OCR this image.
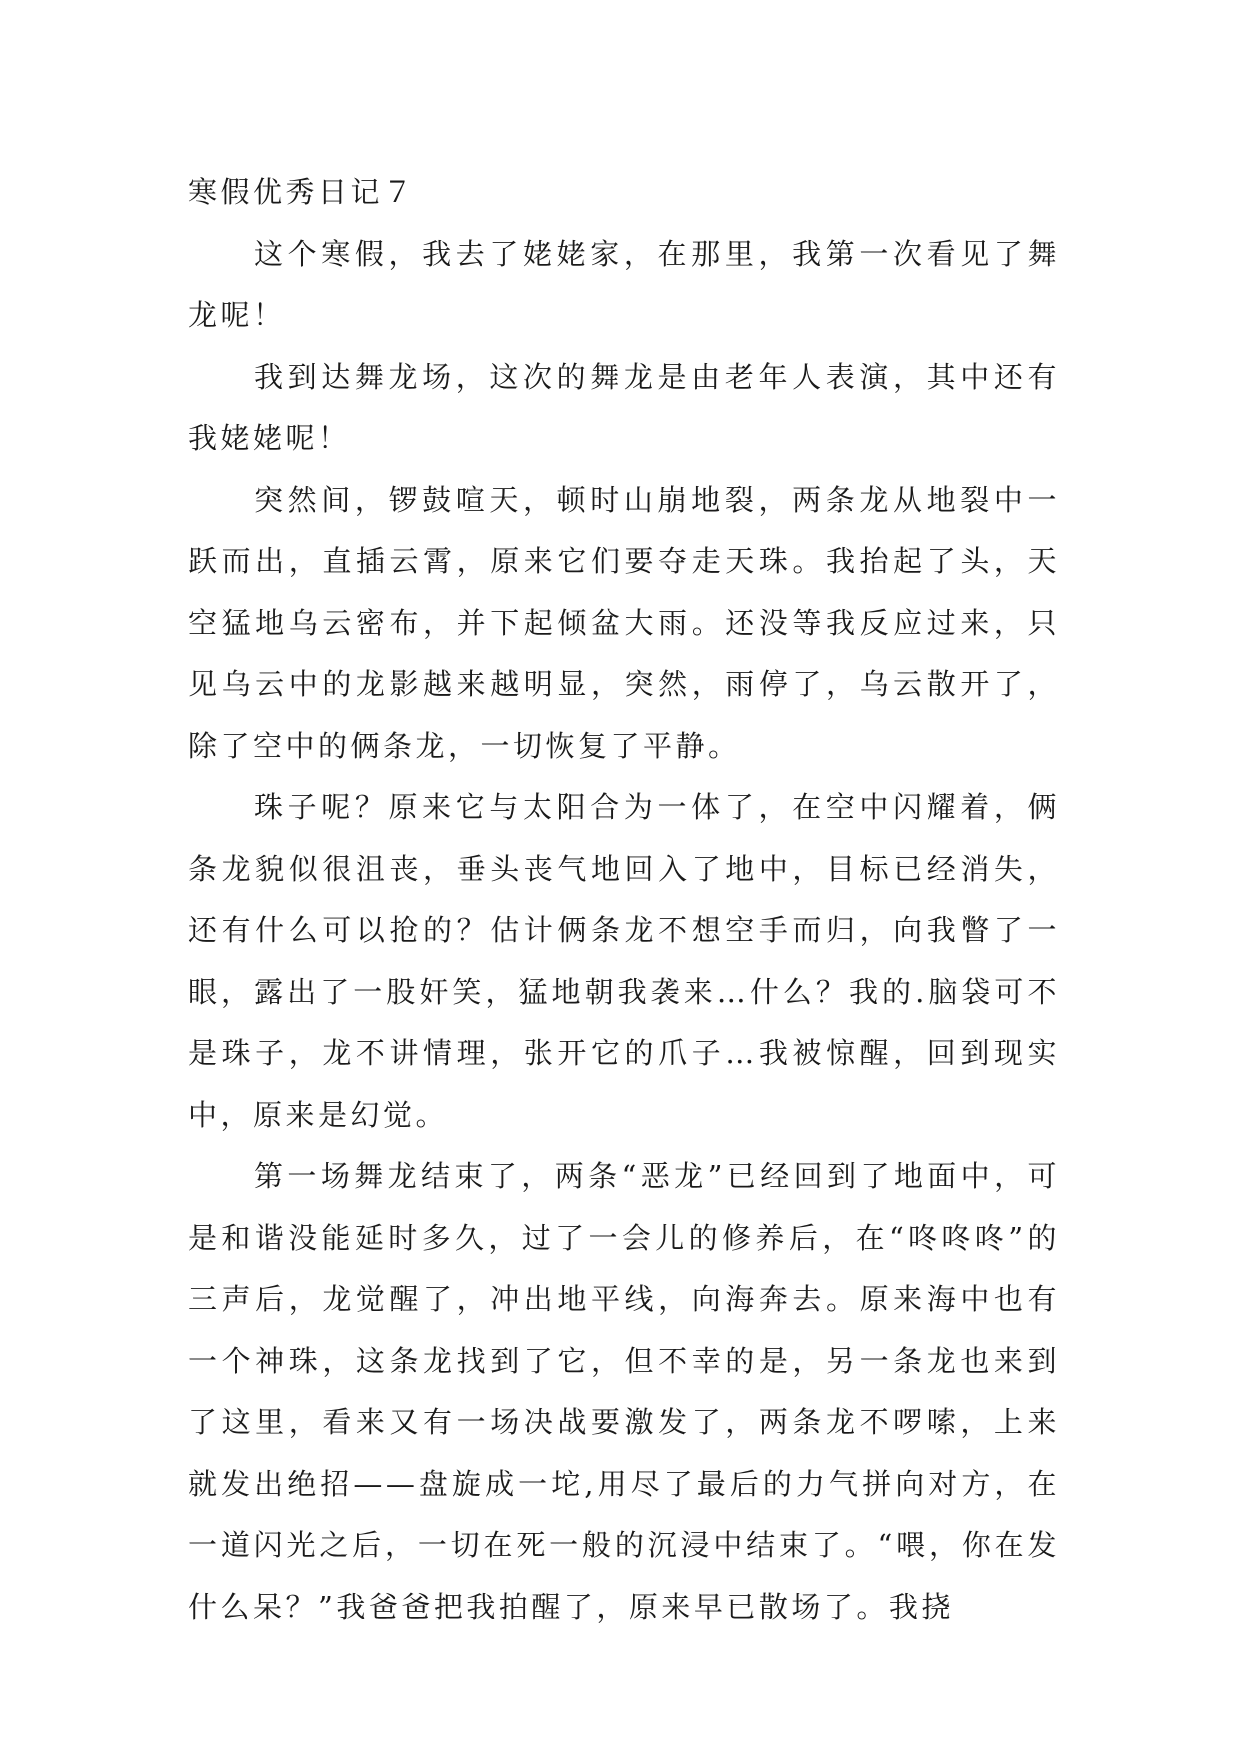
寒假优秀日记７

这个寒假，我去了姥姥家，在那里，我第一次看见了舞龙呢！

我到达舞龙场，这次的舞龙是由老年人表演，其中还有我姥姥呢！

突然间，锣鼓喧天，顿时山崩地裂，两条龙从地裂中一跃而出，直插云霄，原来它们要夺走天珠。我抬起了头，天空猛地乌云密布，并下起倾盆大雨。还没等我反应过来，只见乌云中的龙影越来越明显，突然，雨停了，乌云散开了，除了空中的俩条龙，一切恢复了平静。

珠子呢？原来它与太阳合为一体了，在空中闪耀着，俩条龙貌似很沮丧，垂头丧气地回入了地中，目标已经消失，还有什么可以抢的？估计俩条龙不想空手而归，向我瞥了一眼，露出了一股奸笑，猛地朝我袭来…什么？我的.脑袋可不是珠子，龙不讲情理，张开它的爪子…我被惊醒，回到现实中，原来是幻觉。

第一场舞龙结束了，两条“恶龙”已经回到了地面中，可是和谐没能延时多久，过了一会儿的修养后，在“咚咚咚”的三声后，龙觉醒了，冲出地平线，向海奔去。原来海中也有一个神珠，这条龙找到了它，但不幸的是，另一条龙也来到了这里，看来又有一场决战要激发了，两条龙不啰嗦，上来就发出绝招——盘旋成一坨,用尽了最后的力气拼向对方，在一道闪光之后，一切在死一般的沉浸中结束了。“喂，你在发什么呆？”我爸爸把我拍醒了，原来早已散场了。我挠
